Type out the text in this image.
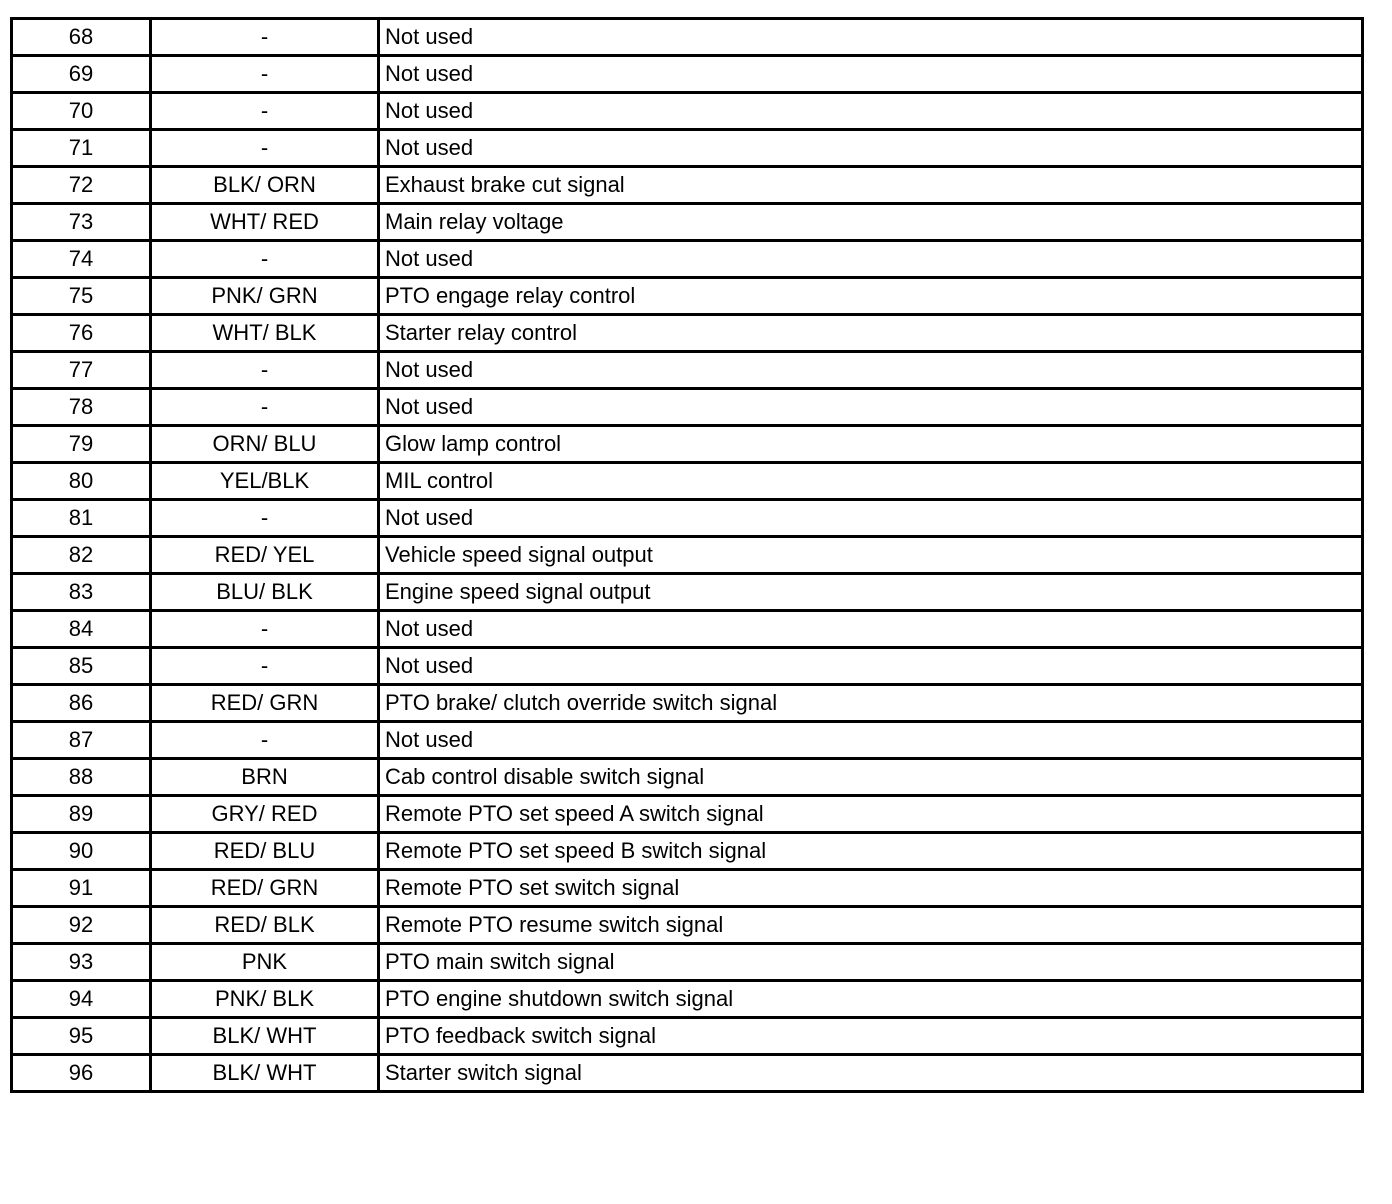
68	-	Not used
69	-	Not used
70	-	Not used
71	-	Not used
72	BLK/ ORN	Exhaust brake cut signal
73	WHT/ RED	Main relay voltage
74	-	Not used
75	PNK/ GRN	PTO engage relay control
76	WHT/ BLK	Starter relay control
77	-	Not used
78	-	Not used
79	ORN/ BLU	Glow lamp control
80	YEL/BLK	MIL control
81	-	Not used
82	RED/ YEL	Vehicle speed signal output
83	BLU/ BLK	Engine speed signal output
84	-	Not used
85	-	Not used
86	RED/ GRN	PTO brake/ clutch override switch signal
87	-	Not used
88	BRN	Cab control disable switch signal
89	GRY/ RED	Remote PTO set speed A switch signal
90	RED/ BLU	Remote PTO set speed B switch signal
91	RED/ GRN	Remote PTO set switch signal
92	RED/ BLK	Remote PTO resume switch signal
93	PNK	PTO main switch signal
94	PNK/ BLK	PTO engine shutdown switch signal
95	BLK/ WHT	PTO feedback switch signal
96	BLK/ WHT	Starter switch signal
